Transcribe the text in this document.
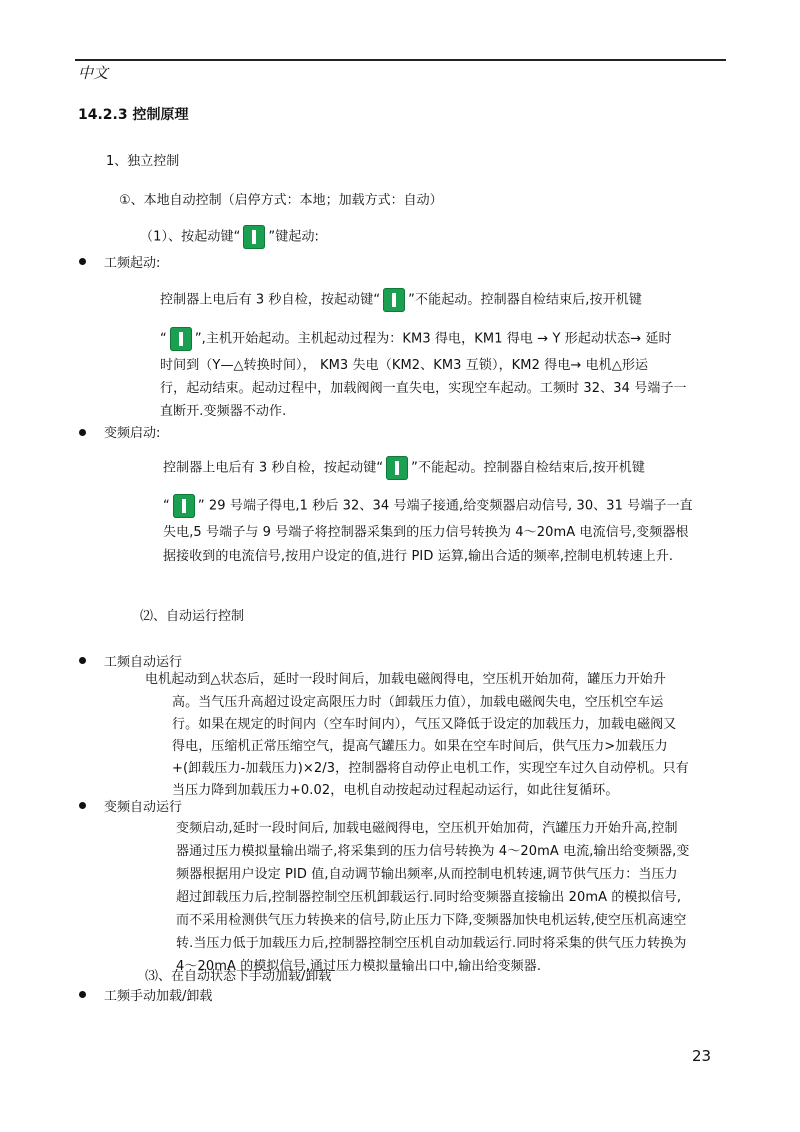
中文
14.2.3 控制原理
1、独立控制
①、本地自动控制（启停方式：本地；加载方式：自动）
（1）、按起动键“ ”键起动:
工频起动:
控制器上电后有 3 秒自检，按起动键“ ”不能起动。控制器自检结束后,按开机键
“ ”,主机开始起动。主机起动过程为：KM3 得电，KM1 得电 → Y 形起动状态→ 延时
时间到（Y—△转换时间）， KM3 失电（KM2、KM3 互锁），KM2 得电→ 电机△形运
行，起动结束。起动过程中，加载阀阀一直失电，实现空车起动。工频时 32、34 号端子一
直断开.变频器不动作.
变频启动:
控制器上电后有 3 秒自检，按起动键“ ”不能起动。控制器自检结束后,按开机键
“ ” 29 号端子得电,1 秒后 32、34 号端子接通,给变频器启动信号, 30、31 号端子一直
失电,5 号端子与 9 号端子将控制器采集到的压力信号转换为 4～20mA 电流信号,变频器根
据接收到的电流信号,按用户设定的值,进行 PID 运算,输出合适的频率,控制电机转速上升.
⑵、自动运行控制
工频自动运行
电机起动到△状态后，延时一段时间后，加载电磁阀得电，空压机开始加荷，罐压力开始升
高。当气压升高超过设定高限压力时（卸载压力值），加载电磁阀失电，空压机空车运
行。如果在规定的时间内（空车时间内），气压又降低于设定的加载压力，加载电磁阀又
得电，压缩机正常压缩空气，提高气罐压力。如果在空车时间后，供气压力>加载压力
+(卸载压力-加载压力)×2/3，控制器将自动停止电机工作，实现空车过久自动停机。只有
当压力降到加载压力+0.02，电机自动按起动过程起动运行，如此往复循环。
变频自动运行
变频启动,延时一段时间后, 加载电磁阀得电，空压机开始加荷，汽罐压力开始升高,控制
器通过压力模拟量输出端子,将采集到的压力信号转换为 4～20mA 电流,输出给变频器,变
频器根据用户设定 PID 值,自动调节输出频率,从而控制电机转速,调节供气压力：当压力
超过卸载压力后,控制器控制空压机卸载运行.同时给变频器直接输出 20mA 的模拟信号,
而不采用检测供气压力转换来的信号,防止压力下降,变频器加快电机运转,使空压机高速空
转.当压力低于加载压力后,控制器控制空压机自动加载运行.同时将采集的供气压力转换为
4～20mA 的模拟信号,通过压力模拟量输出口中,输出给变频器.
⑶、在自动状态下手动加载/卸载
工频手动加载/卸载
23
